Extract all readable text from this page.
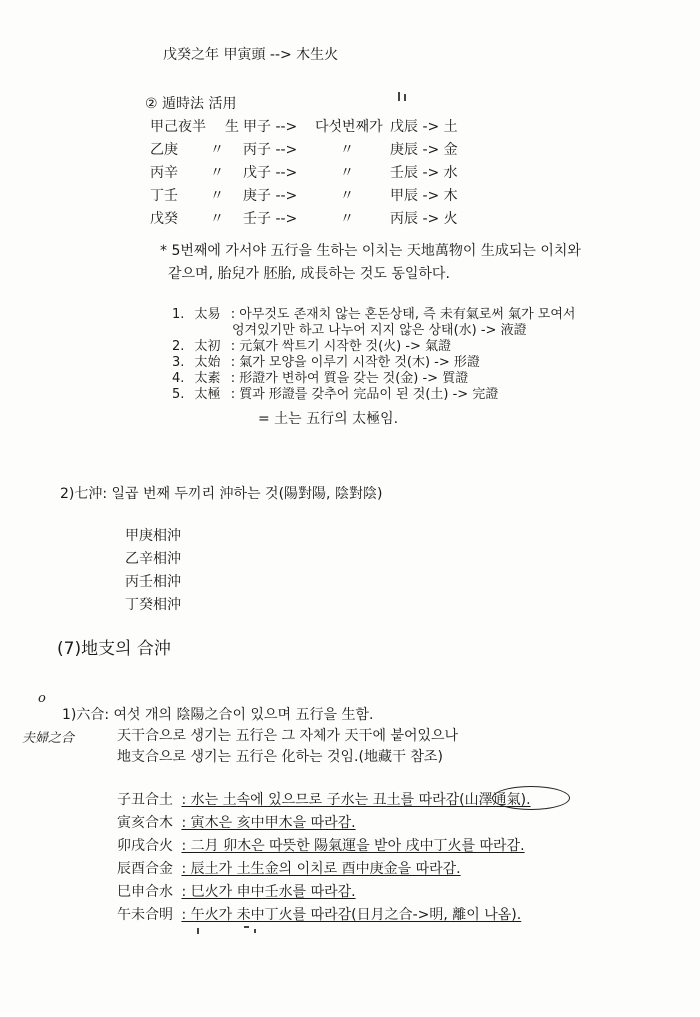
戊癸之年 甲寅頭 --> 木生火
② 遁時法 活用
甲己夜半 生 甲子 --> 다섯번째가 戊辰 -> 土
乙庚 〃 丙子 -->	〃	庚辰 -> 金
丙辛 〃 戊子 -->	〃	壬辰 -> 水
丁壬 〃 庚子 -->	〃	甲辰 -> 木
戊癸 〃 壬子 -->	〃	丙辰 -> 火
* 5번째에 가서야 五行을 生하는 이치는 天地萬物이 生成되는 이치와
같으며, 胎兒가 胚胎, 成長하는 것도 동일하다.
1. 太易 : 아무것도 존재치 않는 혼돈상태, 즉 未有氣로써 氣가 모여서
엉겨있기만 하고 나누어 지지 않은 상태(水) -> 液證
2. 太初 : 元氣가 싹트기 시작한 것(火) -> 氣證
3. 太始 : 氣가 모양을 이루기 시작한 것(木) -> 形證
4. 太素 : 形證가 변하여 質을 갖는 것(金) -> 質證
5. 太極 : 質과 形證를 갖추어 完品이 된 것(土) -> 完證
= 土는 五行의 太極임.
2)七沖: 일곱 번째 두끼리 沖하는 것(陽對陽, 陰對陰)
甲庚相沖
乙辛相沖
丙壬相沖
丁癸相沖
(7)地支의 合沖
o
1)六合: 여섯 개의 陰陽之合이 있으며 五行을 生함.
夫婦之合	天干合으로 생기는 五行은 그 자체가 天干에 붙어있으나
地支合으로 생기는 五行은 化하는 것임.(地藏干 참조)
子丑合土 : 水는 土속에 있으므로 子水는 丑土를 따라감(山澤通氣).
寅亥合木 : 寅木은 亥中甲木을 따라감.
卯戌合火 : 二月 卯木은 따뜻한 陽氣運을 받아 戌中丁火를 따라감.
辰酉合金 : 辰土가 土生金의 이치로 酉中庚金을 따라감.
巳申合水 : 巳火가 申中壬水를 따라감.
午未合明 : 午火가 未中丁火를 따라감(日月之合->明, 離이 나옴).
